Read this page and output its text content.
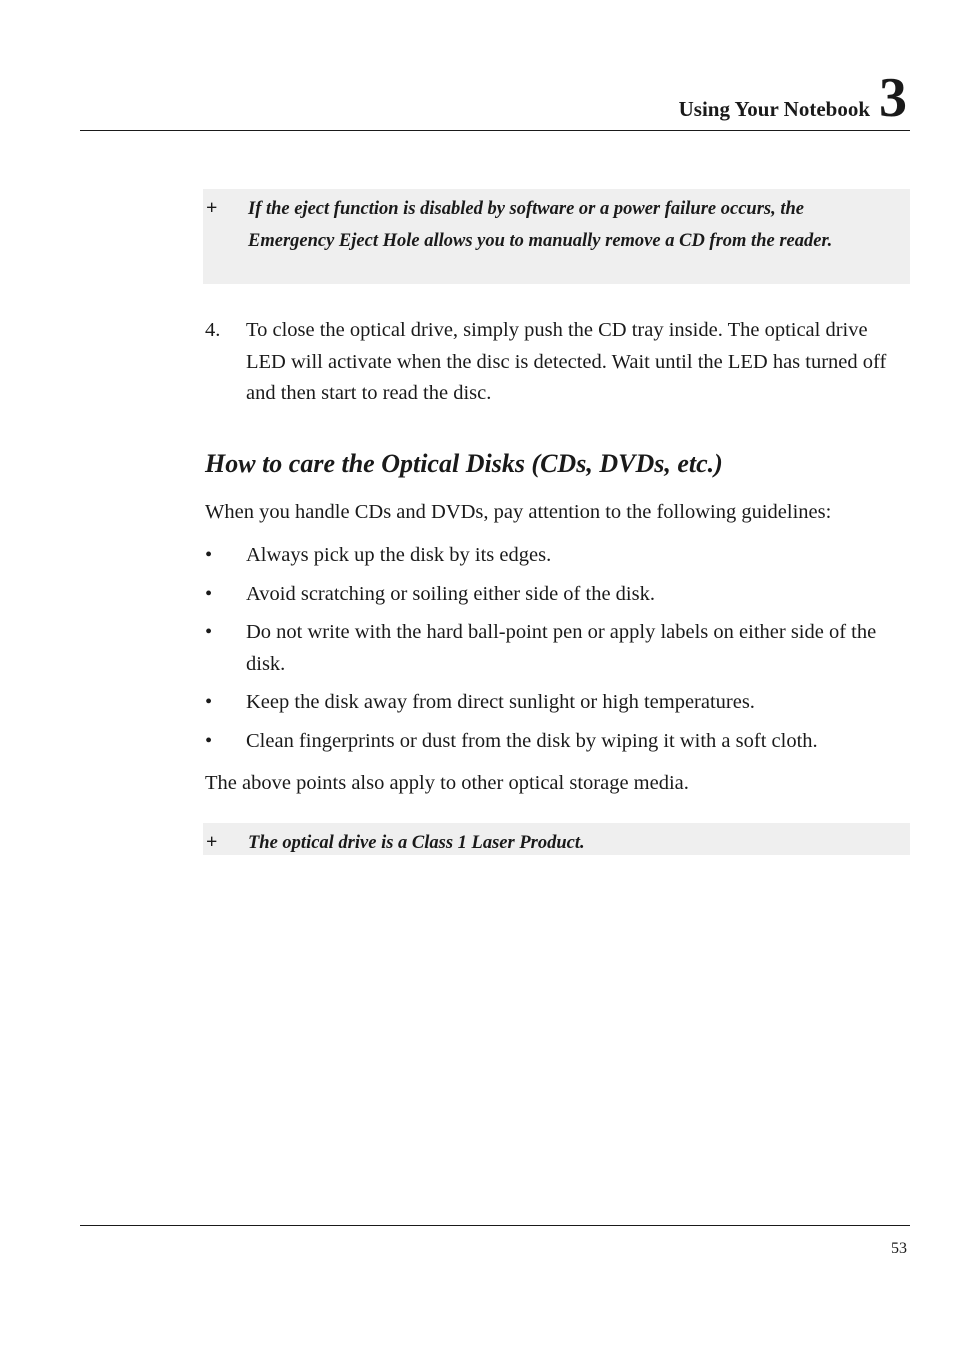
Using Your Notebook 3
+ If the eject function is disabled by software or a power failure occurs, the Emergency Eject Hole allows you to manually remove a CD from the reader.
4. To close the optical drive, simply push the CD tray inside. The optical drive LED will activate when the disc is detected. Wait until the LED has turned off and then start to read the disc.
How to care the Optical Disks (CDs, DVDs, etc.)
When you handle CDs and DVDs, pay attention to the following guidelines:
• Always pick up the disk by its edges.
• Avoid scratching or soiling either side of the disk.
• Do not write with the hard ball-point pen or apply labels on either side of the disk.
• Keep the disk away from direct sunlight or high temperatures.
• Clean fingerprints or dust from the disk by wiping it with a soft cloth.
The above points also apply to other optical storage media.
+ The optical drive is a Class 1 Laser Product.
53
